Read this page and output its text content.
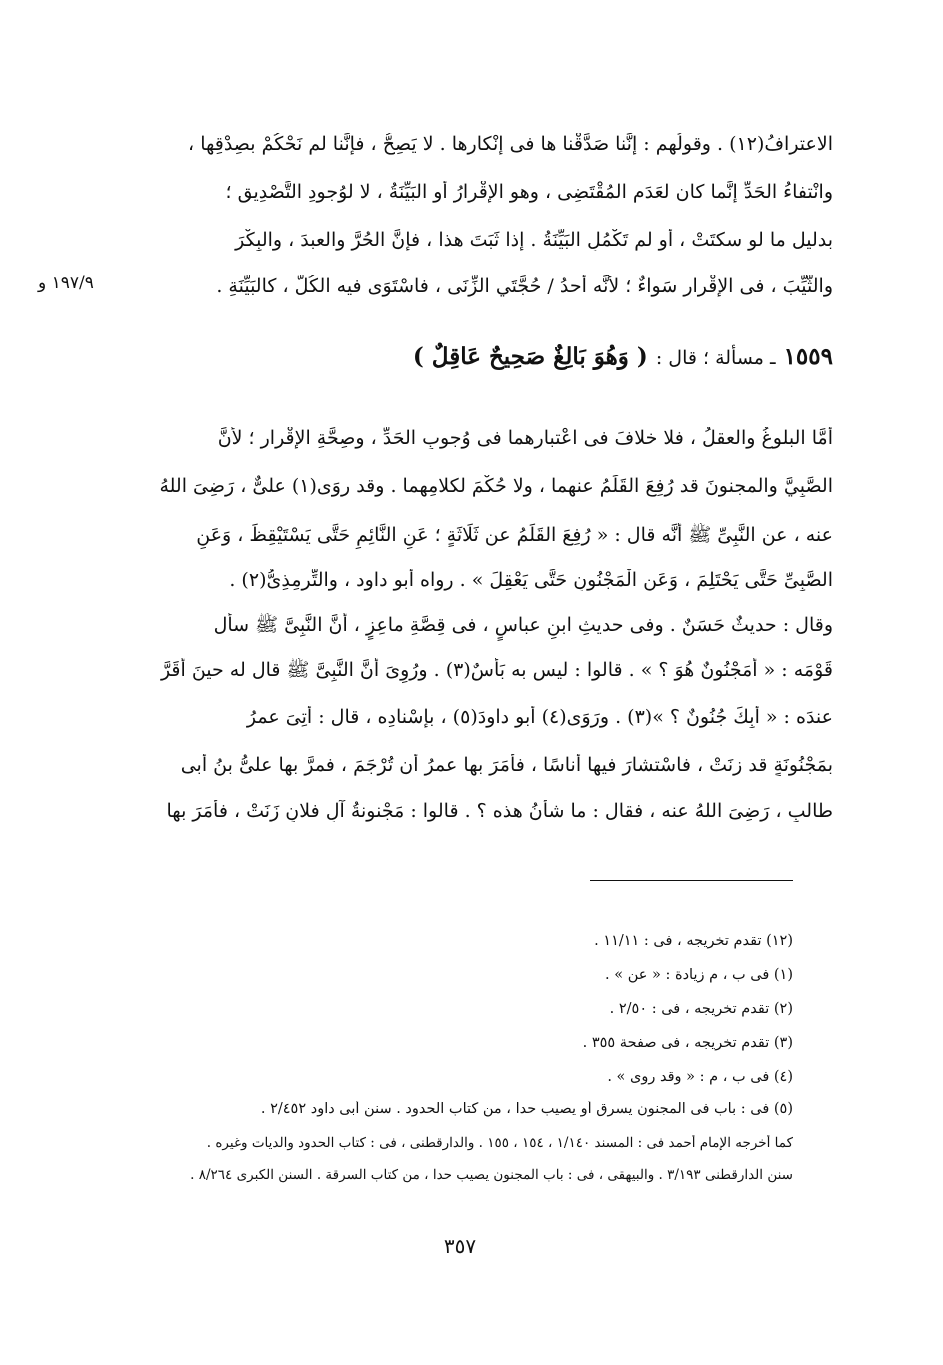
الاعترافُ(١٢) . وقولُهم : إنَّنا صَدَّقْنا ها فى إنْكارِها . لا يَصِحُّ ، فإنَّنا لم نَحْكُمْ بصِدْقِها ،
وانْتفاءُ الحَدِّ إنَّما كان لعَدَمِ المُقْتَضِى ، وهو الإقْرارُ أو البَيِّنَةُ ، لا لوُجودِ التَّصْدِيقِ ؛
بدليل ما لو سكتَتْ ، أو لم تَكْمُلِ البَيِّنَةُ . إذا ثَبَتَ هذا ، فإنَّ الحُرَّ والعبدَ ، والبِكْرَ
والثَّيِّبَ ، فى الإقْرارِ سَواءٌ ؛ لأنَّه أحدُ / حُجَّتَيِ الزِّنَى ، فاسْتَوَى فيه الكُلُّ ، كالبَيِّنَةِ .
١٩٧/٩ و
١٥٥٩ ـ مسألة ؛ قال : ( وَهُوَ بَالِغٌ صَحِيحٌ عَاقِلٌ )
أمَّا البلوغُ والعقلُ ، فلا خلافَ فى اعْتبارِهما فى وُجوبِ الحَدِّ ، وصِحَّةِ الإقْرارِ ؛ لأنَّ
الصَّبِيَّ والمجنونَ قد رُفِعَ القَلَمُ عنهما ، ولا حُكْمَ لكلامِهما . وقد روَى(١) علىٌّ ، رَضِىَ اللهُ
عنه ، عن النَّبِىِّ ﷺ أنَّه قال : « رُفِعَ القَلَمُ عن ثَلَاثَةٍ ؛ عَنِ النَّائِمِ حَتَّى يَسْتَيْقِظَ ، وَعَنِ
الصَّبِىِّ حَتَّى يَحْتَلِمَ ، وَعَنِ الْمَجْنُونِ حَتَّى يَعْقِلَ » . رواه أبو داود ، والتِّرمِذِىُّ(٢) .
وقال : حديثٌ حَسَنٌ . وفى حديثِ ابنِ عباسٍ ، فى قِصَّةِ ماعِزٍ ، أنَّ النَّبِىَّ ﷺ سأل
قَوْمَه : « أَمَجْنُونٌ هُوَ ؟ » . قالوا : ليس به بَأْسٌ(٣) . ورُوِىَ أنَّ النَّبِىَّ ﷺ قال له حينَ أقَرَّ
عندَه : « أَبِكَ جُنُونٌ ؟ »(٣) . ورَوَى(٤) أبو داودَ(٥) ، بإسْنادِه ، قال : أُتِىَ عمرُ
بمَجْنُونَةٍ قد زنَتْ ، فاسْتشارَ فيها أُناسًا ، فأمَرَ بها عمرُ أن تُرْجَمَ ، فمرَّ بها علىُّ بنُ أبى
طالبٍ ، رَضِىَ اللهُ عنه ، فقال : ما شأنُ هذه ؟ . قالوا : مَجْنونةُ آلِ فلانٍ زَنَتْ ، فأمَرَ بها
(١٢) تقدم تخريجه ، فى : ١١/١١ .
(١) فى ب ، م زيادة : « عن » .
(٢) تقدم تخريجه ، فى : ٢/٥٠ .
(٣) تقدم تخريجه ، فى صفحة ٣٥٥ .
(٤) فى ب ، م : « وقد روى » .
(٥) فى : باب فى المجنون يسرق أو يصيب حدا ، من كتاب الحدود . سنن أبى داود ٢/٤٥٢ .
كما أخرجه الإمام أحمد فى : المسند ١/١٤٠ ، ١٥٤ ، ١٥٥ . والدارقطنى ، فى : كتاب الحدود والديات وغيره .
سنن الدارقطنى ٣/١٩٣ . والبيهقى ، فى : باب المجنون يصيب حدا ، من كتاب السرقة . السنن الكبرى ٨/٢٦٤ .
٣٥٧
